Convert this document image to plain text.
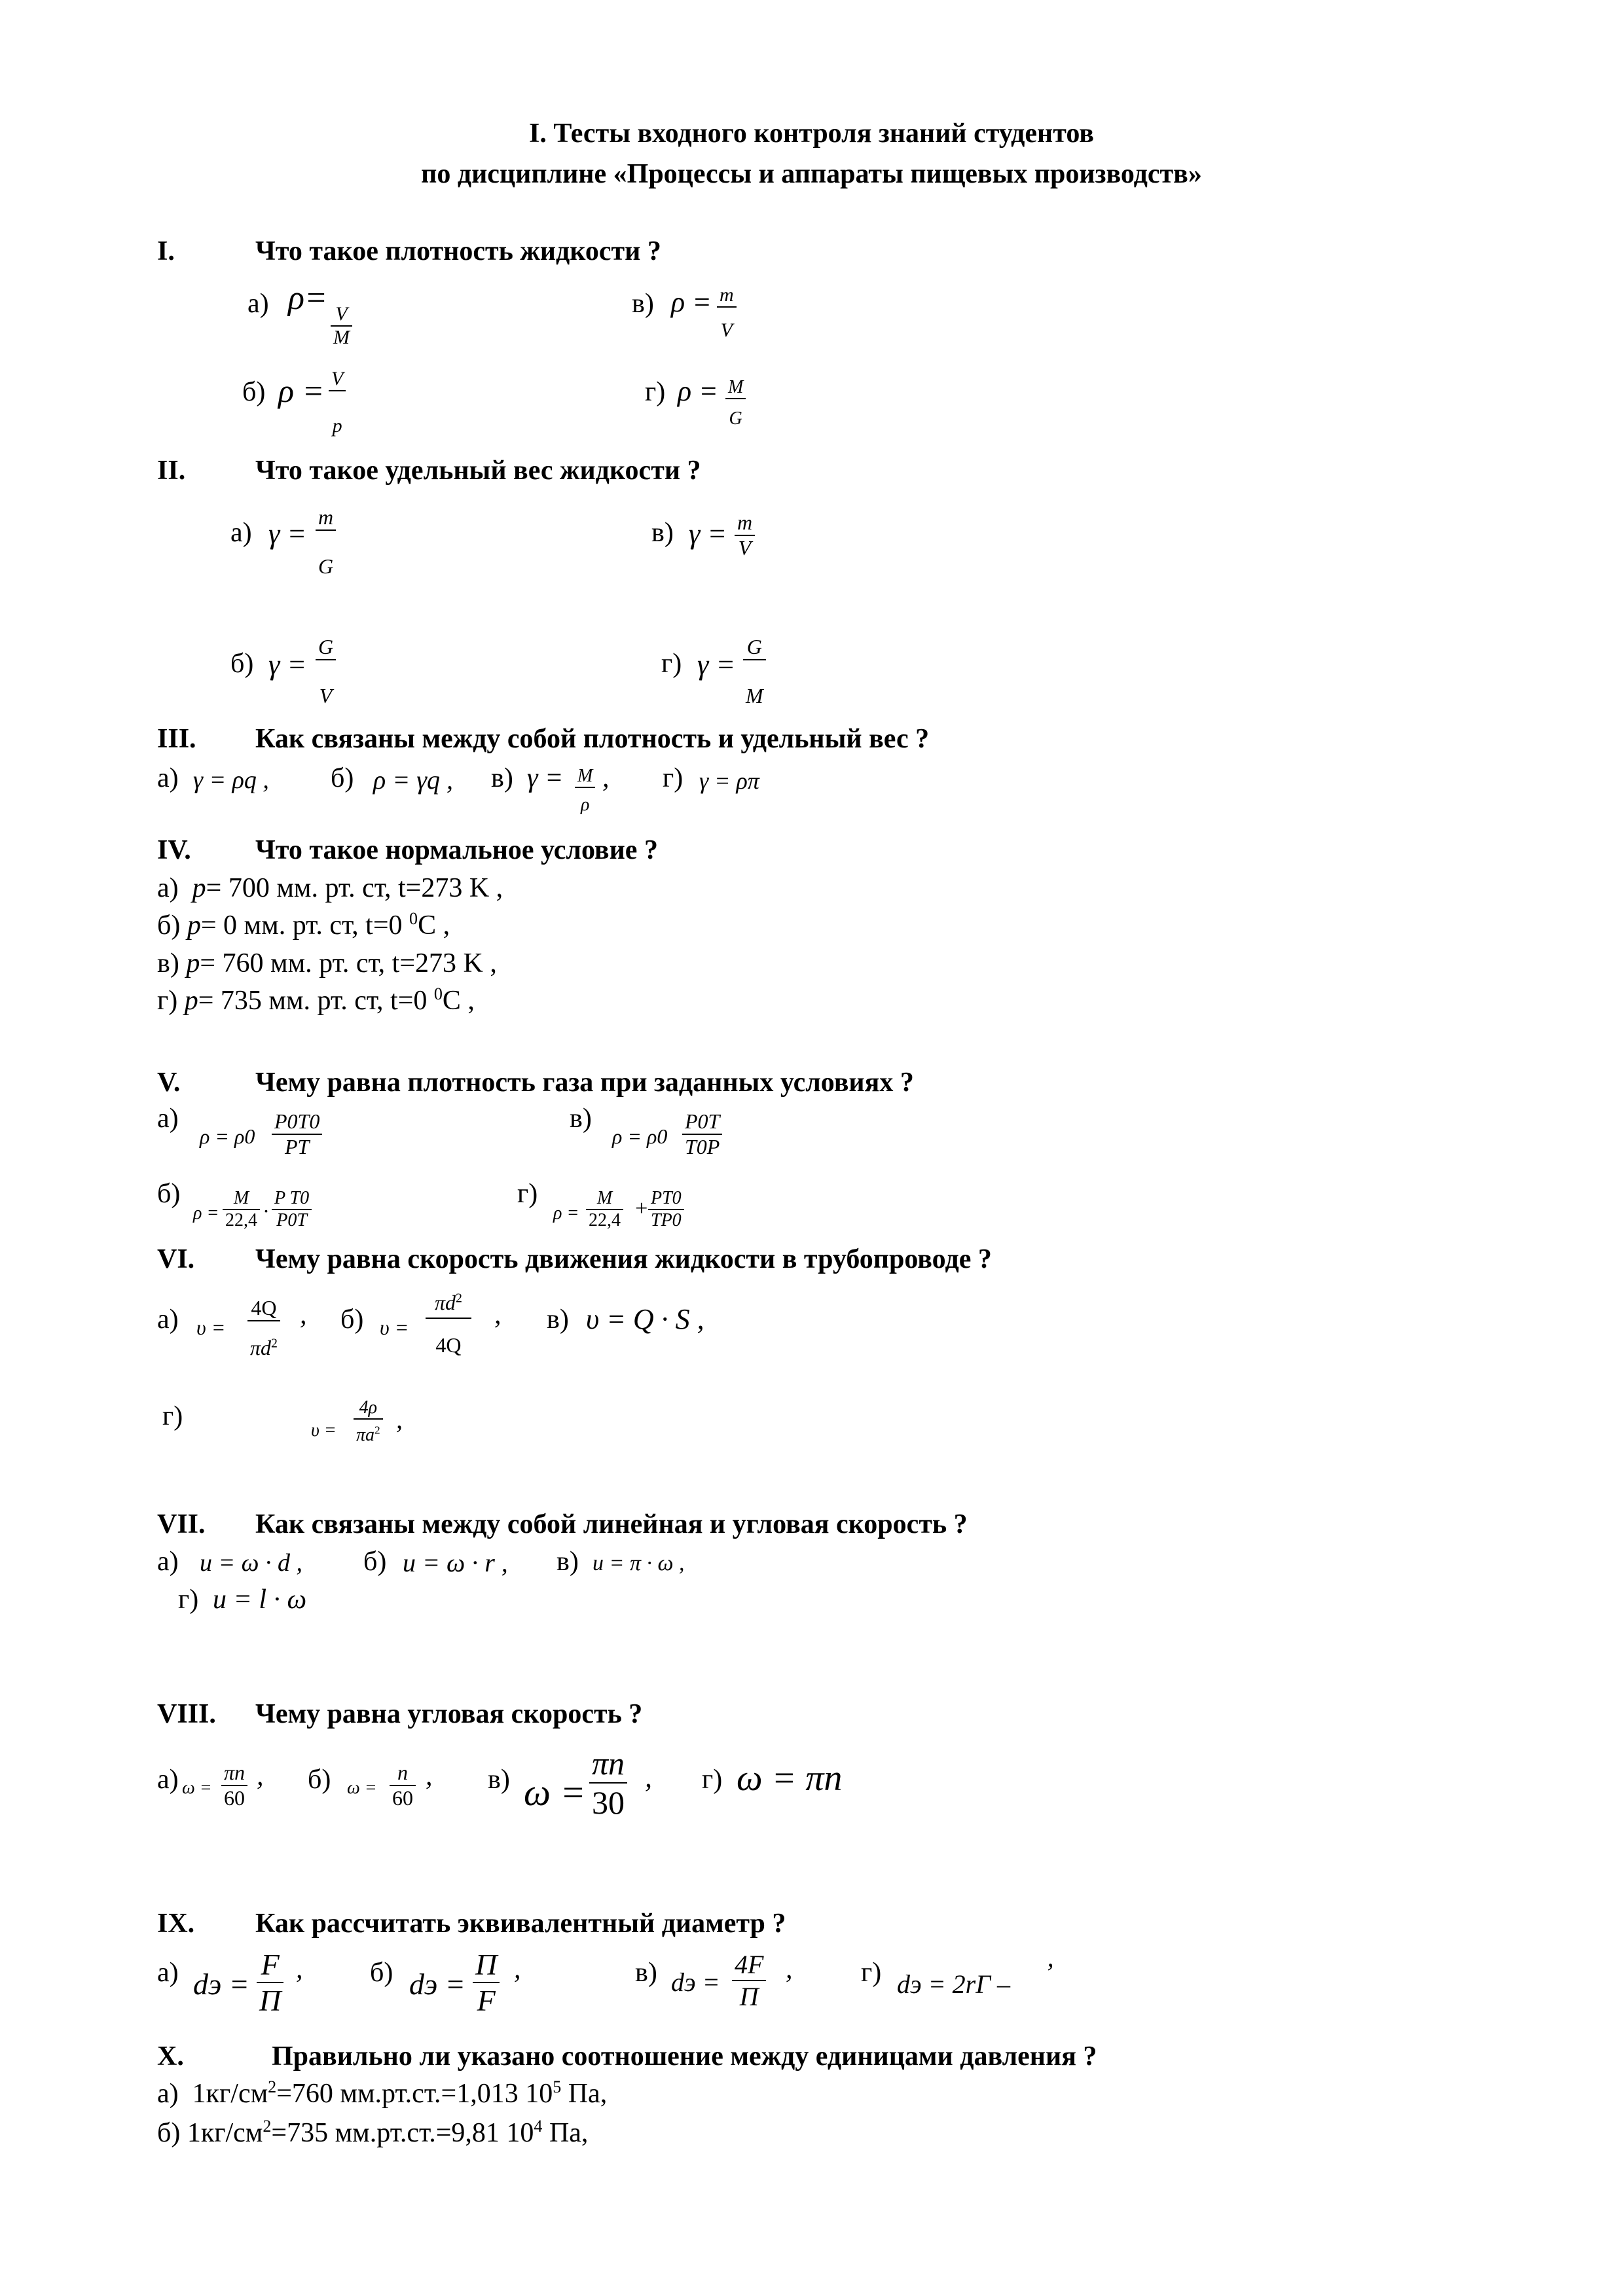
I. Тесты входного контроля знаний студентов
по дисциплине «Процессы и аппараты пищевых производств»
I.	Что такое плотность жидкости ?
а) ρ=
$\frac{V}{M}$	в) $\rho = \frac{m}{V}$
б) $\rho = \frac{V}{p}$	г) $\rho = \frac{M}{G}$
II.	Что такое удельный вес жидкости ?
а) $\gamma = \frac{m}{G}$	в) $\gamma = \frac{m}{V}$
б) $\gamma = \frac{G}{V}$	г) $\gamma = \frac{G}{M}$
III. Как связаны между собой плотность и удельный вес ?
а) γ = ρq , б) ρ = γq , в) $\gamma = \frac{M}{\rho}$ , г) γ = ρπ
IV. Что такое нормальное условие ?
а) p= 700 мм. рт. ст, t=273 K ,
б) p= 0 мм. рт. ст, t=0 $^0$C ,
в) p= 760 мм. рт. ст, t=273 K ,
г) p= 735 мм. рт. ст, t=0 $^0$C ,
V.	Чему равна плотность газа при заданных условиях ?
а)
$\rho = \rho 0 \frac{P0T0}{PT}$	в)
$\rho = \rho 0 \frac{P0T}{T0P}$
б)
$\rho = \frac{M}{22,4} \cdot \frac{\text{P T0}}{P0T}$	г)
$\rho = \frac{M}{22,4} + \frac{PT0}{TP0}$
VI. Чему равна скорость движения жидкости в трубопроводе ?
а) $\upsilon = \frac{4Q}{\pi d^2}$ , б) $\upsilon = \frac{\pi d^2}{4Q}$ , в) υ = Q · S ,
г)	$\upsilon = \frac{4\rho}{\pi a^2}$ ,
VII. Как связаны между собой линейная и угловая скорость ?
а) u = ω · d , б) u = ω · r , в) u = π · ω ,
г) u = l · ω
VIII. Чему равна угловая скорость ?
а) $\omega = \frac{\pi n}{60}$ , б) $\omega = \frac{n}{60}$ , в) $\omega = \frac{\pi n}{30}$ , г) ω = πn
IX. Как рассчитать эквивалентный диаметр ?
а) dэ = $\frac{F}{П}$ , б) dэ = $\frac{П}{F}$ ,	в) dэ = $\frac{4F}{П}$ , г) dэ = 2rГ – ’
X.	Правильно ли указано соотношение между единицами давления ?
а)  $1кг/см^2=760$ мм.рт.ст.=1,013 $10^5$ Па,
б) $1кг/см^2=735$ мм.рт.ст.=9,81 $10^4$ Па,
